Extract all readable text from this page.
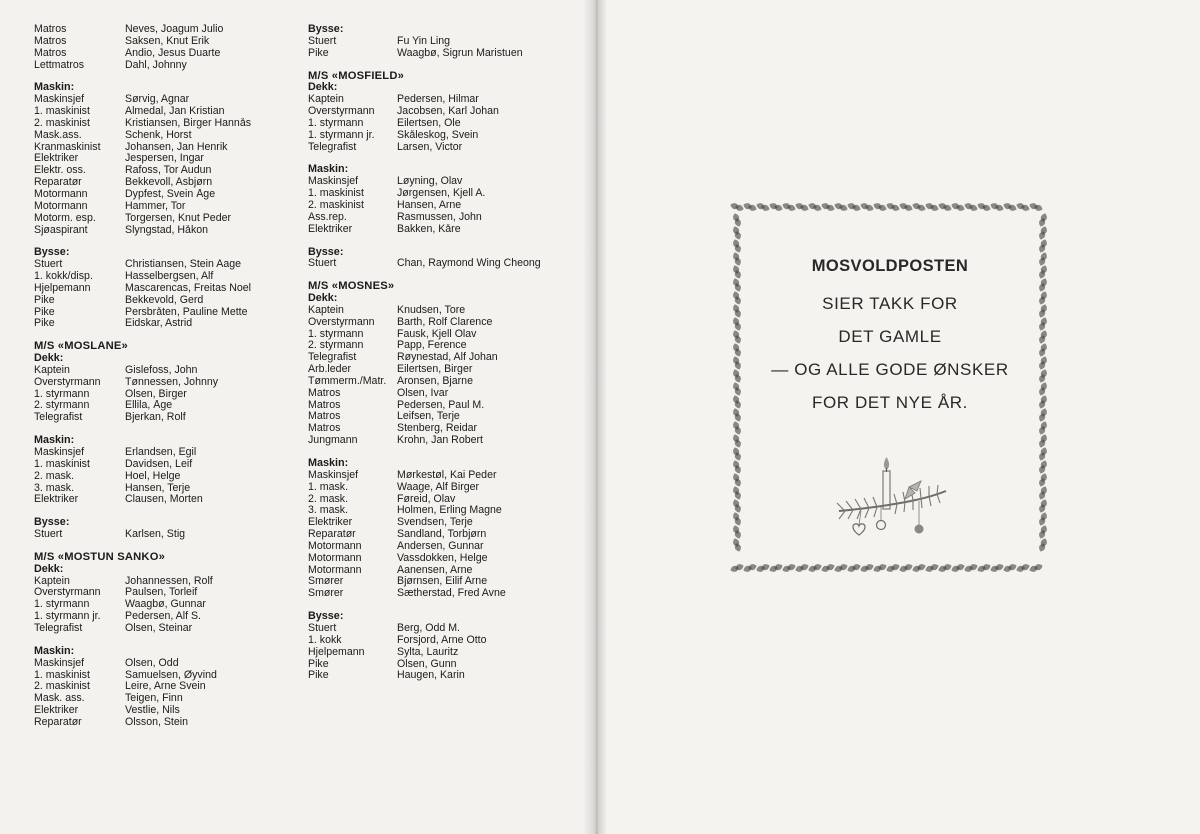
Matros	Neves, Joagum Julio
Matros	Saksen, Knut Erik
Matros	Andio, Jesus Duarte
Lettmatros	Dahl, Johnny
Maskin:
Maskinsjef	Sørvig, Agnar
1. maskinist	Almedal, Jan Kristian
2. maskinist	Kristiansen, Birger Hannås
Mask.ass.	Schenk, Horst
Kranmaskinist	Johansen, Jan Henrik
Elektriker	Jespersen, Ingar
Elektr. oss.	Rafoss, Tor Audun
Reparatør	Bekkevoll, Asbjørn
Motormann	Dypfest, Svein Åge
Motormann	Hammer, Tor
Motorm. esp.	Torgersen, Knut Peder
Sjøaspirant	Slyngstad, Håkon
Bysse:
Stuert	Christiansen, Stein Aage
1. kokk/disp.	Hasselbergsen, Alf
Hjelpemann	Mascarencas, Freitas Noel
Pike	Bekkevold, Gerd
Pike	Persbråten, Pauline Mette
Pike	Eidskar, Astrid
M/S «MOSLANE»
Dekk:
Kaptein	Gislefoss, John
Overstyrmann	Tønnessen, Johnny
1. styrmann	Olsen, Birger
2. styrmann	Ellila, Åge
Telegrafist	Bjerkan, Rolf
Maskin:
Maskinsjef	Erlandsen, Egil
1. maskinist	Davidsen, Leif
2. mask.	Hoel, Helge
3. mask.	Hansen, Terje
Elektriker	Clausen, Morten
Bysse:
Stuert	Karlsen, Stig
M/S «MOSTUN SANKO»
Dekk:
Kaptein	Johannessen, Rolf
Overstyrmann	Paulsen, Torleif
1. styrmann	Waagbø, Gunnar
1. styrmann jr.	Pedersen, Alf S.
Telegrafist	Olsen, Steinar
Maskin:
Maskinsjef	Olsen, Odd
1. maskinist	Samuelsen, Øyvind
2. maskinist	Leire, Arne Svein
Mask. ass.	Teigen, Finn
Elektriker	Vestlie, Nils
Reparatør	Olsson, Stein
Bysse:
Stuert	Fu Yin Ling
Pike	Waagbø, Sigrun Maristuen
M/S «MOSFIELD»
Dekk:
Kaptein	Pedersen, Hilmar
Overstyrmann	Jacobsen, Karl Johan
1. styrmann	Eilertsen, Ole
1. styrmann jr.	Skåleskog, Svein
Telegrafist	Larsen, Victor
Maskin:
Maskinsjef	Løyning, Olav
1. maskinist	Jørgensen, Kjell A.
2. maskinist	Hansen, Arne
Ass.rep.	Rasmussen, John
Elektriker	Bakken, Kåre
Bysse:
Stuert	Chan, Raymond Wing Cheong
M/S «MOSNES»
Dekk:
Kaptein	Knudsen, Tore
Overstyrmann	Barth, Rolf Clarence
1. styrmann	Fausk, Kjell Olav
2. styrmann	Papp, Ference
Telegrafist	Røynestad, Alf Johan
Arb.leder	Eilertsen, Birger
Tømmerm./Matr.	Aronsen, Bjarne
Matros	Olsen, Ivar
Matros	Pedersen, Paul M.
Matros	Leifsen, Terje
Matros	Stenberg, Reidar
Jungmann	Krohn, Jan Robert
Maskin:
Maskinsjef	Mørkestøl, Kai Peder
1. mask.	Waage, Alf Birger
2. mask.	Føreid, Olav
3. mask.	Holmen, Erling Magne
Elektriker	Svendsen, Terje
Reparatør	Sandland, Torbjørn
Motormann	Andersen, Gunnar
Motormann	Vassdokken, Helge
Motormann	Aanensen, Arne
Smører	Bjørnsen, Eilif Arne
Smører	Sætherstad, Fred Avne
Bysse:
Stuert	Berg, Odd M.
1. kokk	Forsjord, Arne Otto
Hjelpemann	Sylta, Lauritz
Pike	Olsen, Gunn
Pike	Haugen, Karin
MOSVOLDPOSTEN
SIER TAKK FOR
DET GAMLE
— OG ALLE GODE ØNSKER
FOR DET NYE ÅR.
